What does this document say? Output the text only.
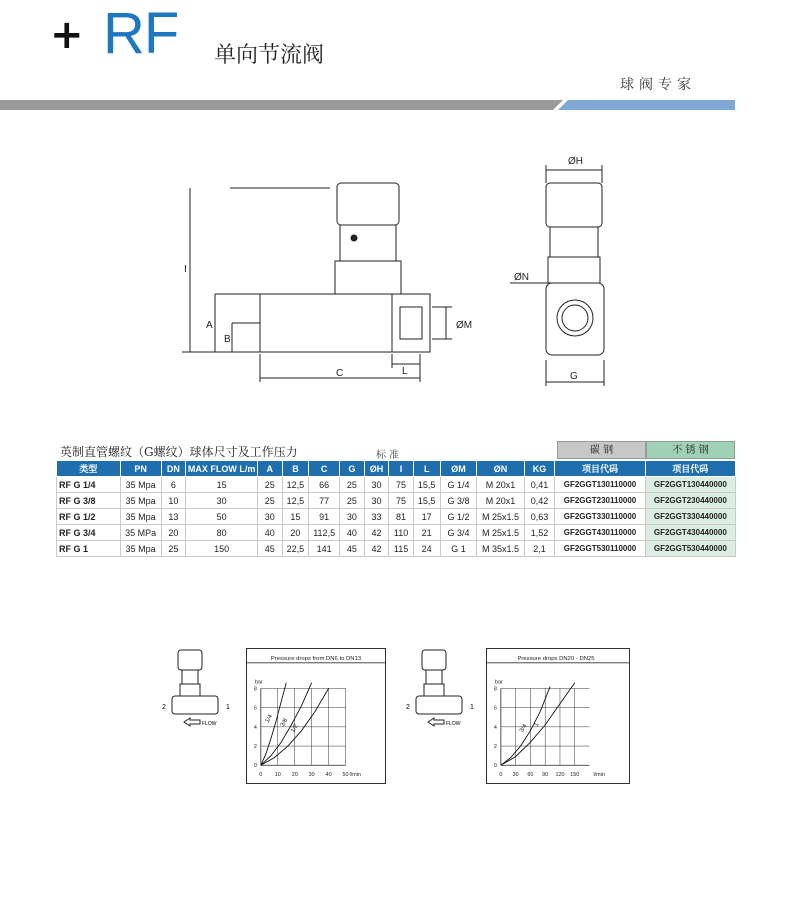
+ RF 单向节流阀
球阀专家
I
A
B
C	L
ØM
ØH
ØN
G
英制直管螺纹（G螺纹）球体尺寸及工作压力	标 准	碳 钢	不 锈 钢
类型	PN	DN	MAX FLOW L/m	A	B	C	G	ØH	I	L	ØM	ØN	KG	项目代码	项目代码
RF G 1/4	35 Mpa	6	15	25	12,5	66	25	30	75	15,5	G 1/4	M 20x1	0,41	GF2GGT130110000	GF2GGT130440000
RF G 3/8	35 Mpa	10	30	25	12,5	77	25	30	75	15,5	G 3/8	M 20x1	0,42	GF2GGT230110000	GF2GGT230440000
RF G 1/2	35 Mpa	13	50	30	15	91	30	33	81	17	G 1/2	M 25x1.5	0,63	GF2GGT330110000	GF2GGT330440000
RF G 3/4	35 MPa	20	80	40	20	112,5	40	42	110	21	G 3/4	M 25x1.5	1,52	GF2GGT430110000	GF2GGT430440000
RF G 1	35 Mpa	25	150	45	22,5	141	45	42	115	24	G 1	M 35x1.5	2,1	GF2GGT530110000	GF2GGT530440000
2	1
FLOW
2	1
FLOW
Pressure drops from DN6 to DN13
bar
l/min
0
2
4
6
8
0 10 20 30 40 50
1/4 3/8
1/2
Pressure drops DN20 - DN25
bar
l/min
0
2
4
6
8
0 30 60 90 120 150
3/4 1
